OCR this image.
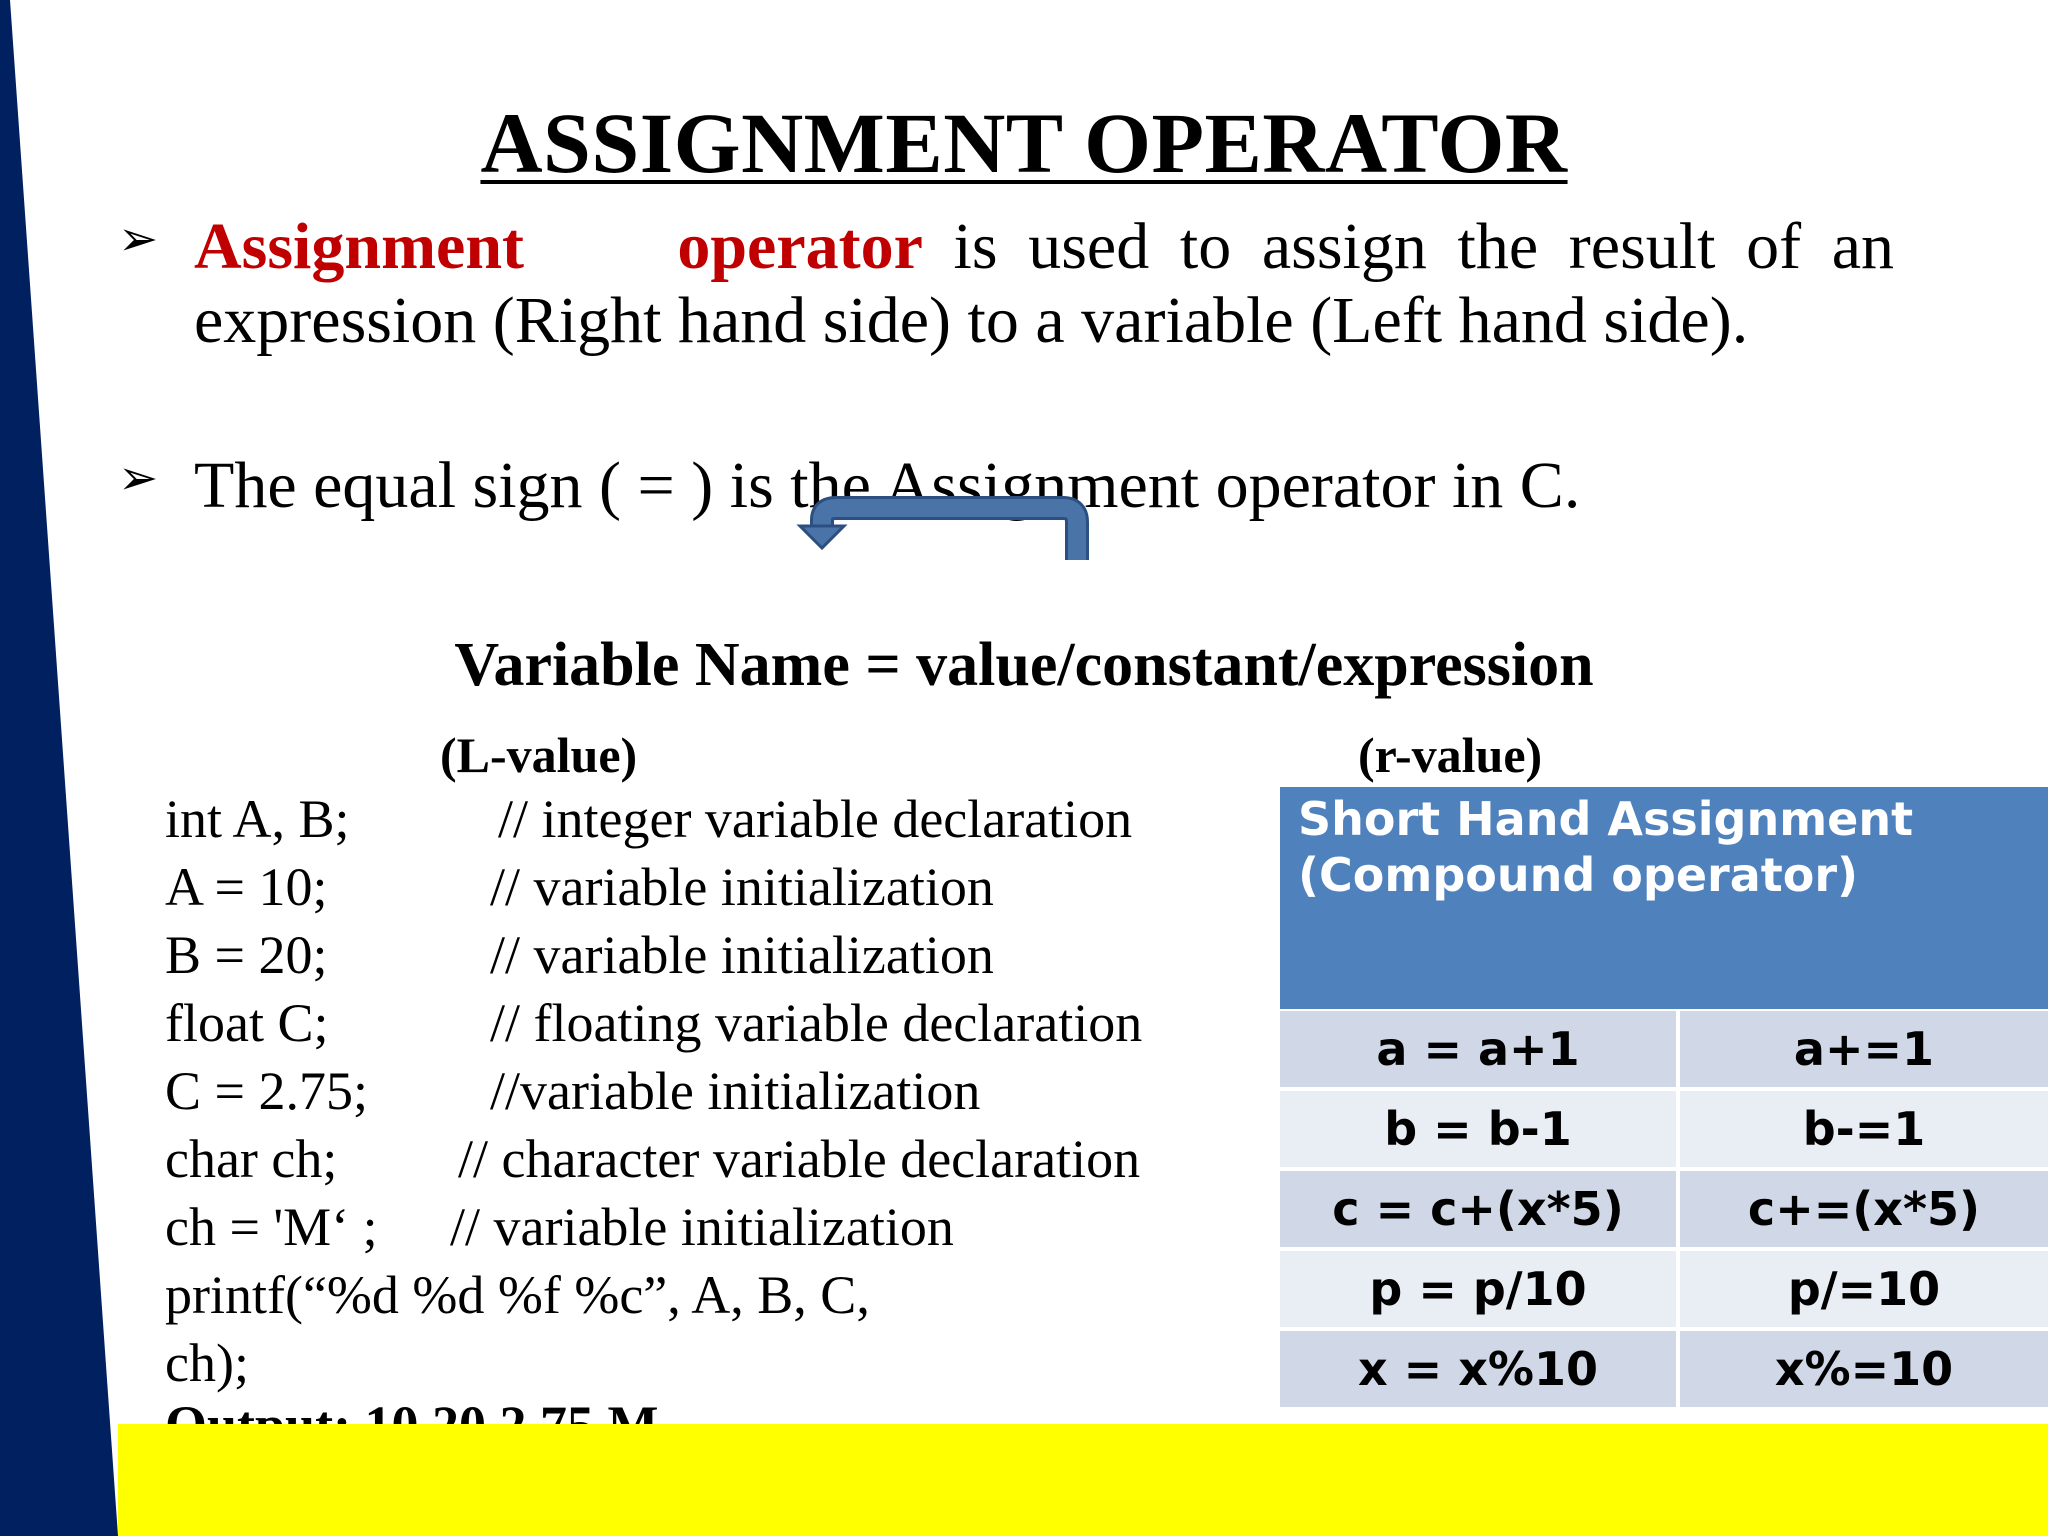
ASSIGNMENT OPERATOR
➢ Assignment operator is used to assign the result of an expression (Right hand side) to a variable (Left hand side).
➢ The equal sign ( = ) is the Assignment operator in C.
Variable Name = value/constant/expression
(L-value)	(r-value)
int A, B;	// integer variable declaration
A = 10;	// variable initialization
B = 20;	// variable initialization
float C;	// floating variable declaration
C = 2.75; //variable initialization
char ch; // character variable declaration
ch = 'M‘ ; // variable initialization
printf(“%d %d %f %c”, A, B, C,
ch);
Short Hand Assignment
(Compound operator)
a = a+1	a+=1
b = b-1	b-=1
c = c+(x*5)	c+=(x*5)
p = p/10	p/=10
x = x%10	x%=10
